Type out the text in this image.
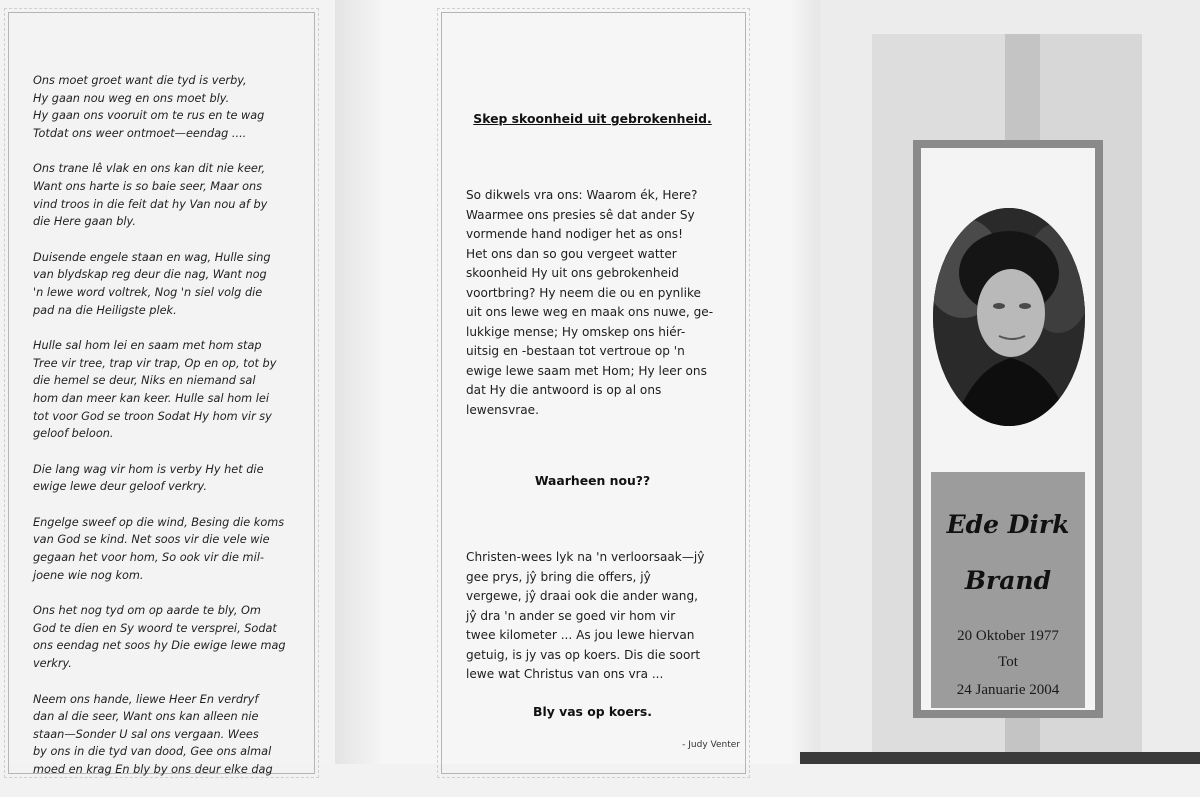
Ons moet groet want die tyd is verby,
Hy gaan nou weg en ons moet bly.
Hy gaan ons vooruit om te rus en te wag
Totdat ons weer ontmoet—eendag ....
Ons trane lê vlak en ons kan dit nie keer,
Want ons harte is so baie seer, Maar ons
vind troos in die feit dat hy Van nou af by
die Here gaan bly.
Duisende engele staan en wag, Hulle sing
van blydskap reg deur die nag, Want nog
'n lewe word voltrek, Nog 'n siel volg die
pad na die Heiligste plek.
Hulle sal hom lei en saam met hom stap
Tree vir tree, trap vir trap, Op en op, tot by
die hemel se deur, Niks en niemand sal
hom dan meer kan keer. Hulle sal hom lei
tot voor God se troon Sodat Hy hom vir sy
geloof beloon.
Die lang wag vir hom is verby Hy het die
ewige lewe deur geloof verkry.
Engelge sweef op die wind, Besing die koms
van God se kind. Net soos vir die vele wie
gegaan het voor hom, So ook vir die mil-
joene wie nog kom.
Ons het nog tyd om op aarde te bly, Om
God te dien en Sy woord te versprei, Sodat
ons eendag net soos hy Die ewige lewe mag
verkry.
Neem ons hande, liewe Heer En verdryf
dan al die seer, Want ons kan alleen nie
staan—Sonder U sal ons vergaan. Wees
by ons in die tyd van dood, Gee ons almal
moed en krag En bly by ons deur elke dag
Skep skoonheid uit gebrokenheid.
So dikwels vra ons: Waarom ék, Here?
Waarmee ons presies sê dat ander Sy
vormende hand nodiger het as ons!
Het ons dan so gou vergeet watter
skoonheid Hy uit ons gebrokenheid
voortbring? Hy neem die ou en pynlike
uit ons lewe weg en maak ons nuwe, ge-
lukkige mense; Hy omskep ons hiér-
uitsig en -bestaan tot vertroue op 'n
ewige lewe saam met Hom; Hy leer ons
dat Hy die antwoord is op al ons
lewensvrae.
Waarheen nou??
Christen-wees lyk na 'n verloorsaak—jŷ
gee prys, jŷ bring die offers, jŷ
vergewe, jŷ draai ook die ander wang,
jŷ dra 'n ander se goed vir hom vir
twee kilometer ... As jou lewe hiervan
getuig, is jy vas op koers. Dis die soort
lewe wat Christus van ons vra ...
Bly vas op koers.
- Judy Venter
Ede Dirk
Brand
20 Oktober 1977
Tot
24 Januarie 2004
